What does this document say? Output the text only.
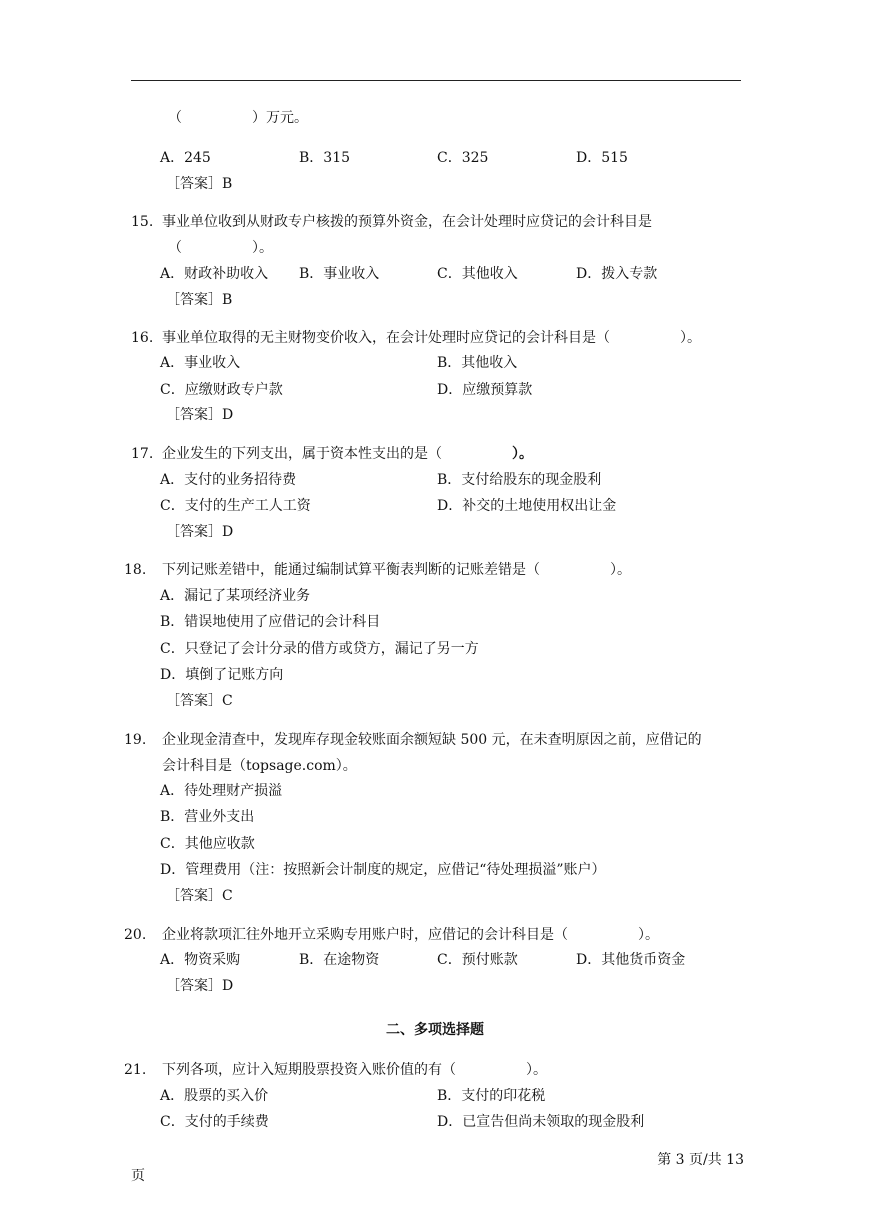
（　　　　　）万元。
A．245	B．315	C．325	D．515
［答案］B
15. 事业单位收到从财政专户核拨的预算外资金，在会计处理时应贷记的会计科目是
（　　　　　）。
A．财政补助收入 B．事业收入	C．其他收入	D．拨入专款
［答案］B
16. 事业单位取得的无主财物变价收入，在会计处理时应贷记的会计科目是（　　　　　）。
A．事业收入	B．其他收入
C．应缴财政专户款	D．应缴预算款
［答案］D
17. 企业发生的下列支出，属于资本性支出的是（　　　　　）。
A．支付的业务招待费	B．支付给股东的现金股利
C．支付的生产工人工资	D．补交的土地使用权出让金
［答案］D
18. 下列记账差错中，能通过编制试算平衡表判断的记账差错是（　　　　　）。
A．漏记了某项经济业务
B．错误地使用了应借记的会计科目
C．只登记了会计分录的借方或贷方，漏记了另一方
D．填倒了记账方向
［答案］C
19. 企业现金清查中，发现库存现金较账面余额短缺 500 元，在未查明原因之前，应借记的
会计科目是（topsage.com）。
A．待处理财产损溢
B．营业外支出
C．其他应收款
D．管理费用（注：按照新会计制度的规定，应借记“待处理损溢”账户）
［答案］C
20. 企业将款项汇往外地开立采购专用账户时，应借记的会计科目是（　　　　　）。
A．物资采购	B．在途物资	C．预付账款	D．其他货币资金
［答案］D
二、多项选择题
21. 下列各项，应计入短期股票投资入账价值的有（　　　　　）。
A．股票的买入价	B．支付的印花税
C．支付的手续费	D．已宣告但尚未领取的现金股利
第 3 页/共 13
页
